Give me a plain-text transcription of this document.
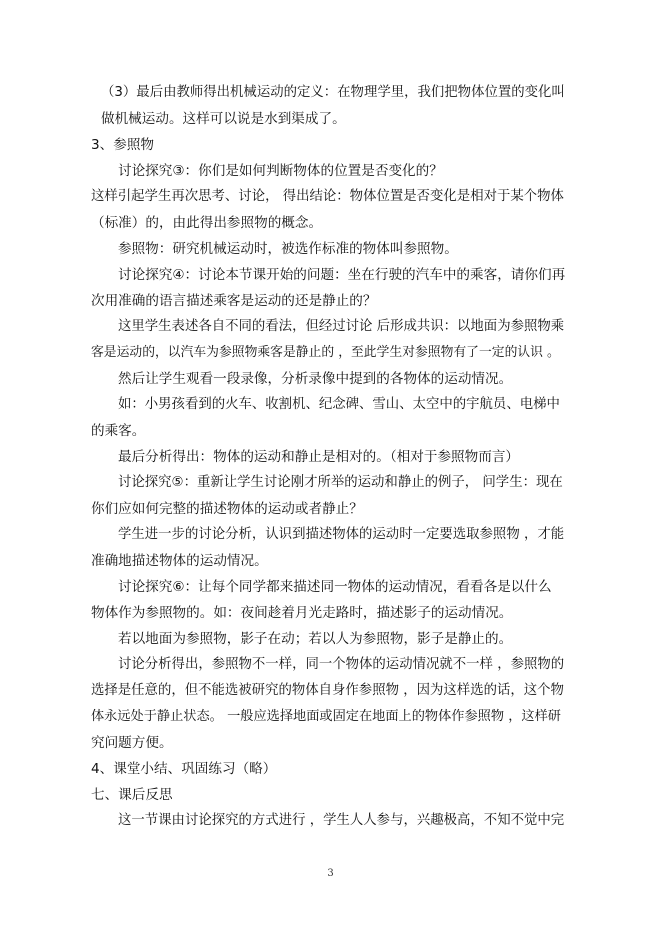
（3）最后由教师得出机械运动的定义：在物理学里，我们把物体位置的变化叫
做机械运动。这样可以说是水到渠成了。
3、参照物
讨论探究③：你们是如何判断物体的位置是否变化的？
这样引起学生再次思考、讨论， 得出结论：物体位置是否变化是相对于某个物体
（标准）的，由此得出参照物的概念。
参照物：研究机械运动时，被选作标准的物体叫参照物。
讨论探究④：讨论本节课开始的问题：坐在行驶的汽车中的乘客，请你们再
次用准确的语言描述乘客是运动的还是静止的？
这里学生表述各自不同的看法，但经过讨论 后形成共识：以地面为参照物乘
客是运动的，以汽车为参照物乘客是静止的 ，至此学生对参照物有了一定的认识 。
然后让学生观看一段录像，分析录像中提到的各物体的运动情况。
如：小男孩看到的火车、收割机、纪念碑、雪山、太空中的宇航员、电梯中
的乘客。
最后分析得出：物体的运动和静止是相对的。（相对于参照物而言）
讨论探究⑤：重新让学生讨论刚才所举的运动和静止的例子， 问学生：现在
你们应如何完整的描述物体的运动或者静止？
学生进一步的讨论分析，认识到描述物体的运动时一定要选取参照物 ，才能
准确地描述物体的运动情况。
讨论探究⑥：让每个同学都来描述同一物体的运动情况，看看各是以什么
物体作为参照物的。如：夜间趁着月光走路时，描述影子的运动情况。
若以地面为参照物，影子在动；若以人为参照物，影子是静止的。
讨论分析得出，参照物不一样，同一个物体的运动情况就不一样 ，参照物的
选择是任意的，但不能选被研究的物体自身作参照物 ，因为这样选的话，这个物
体永远处于静止状态。 一般应选择地面或固定在地面上的物体作参照物 ，这样研
究问题方便。
4、课堂小结、巩固练习（略）
七、课后反思
这一节课由讨论探究的方式进行 ，学生人人参与，兴趣极高，不知不觉中完
3
